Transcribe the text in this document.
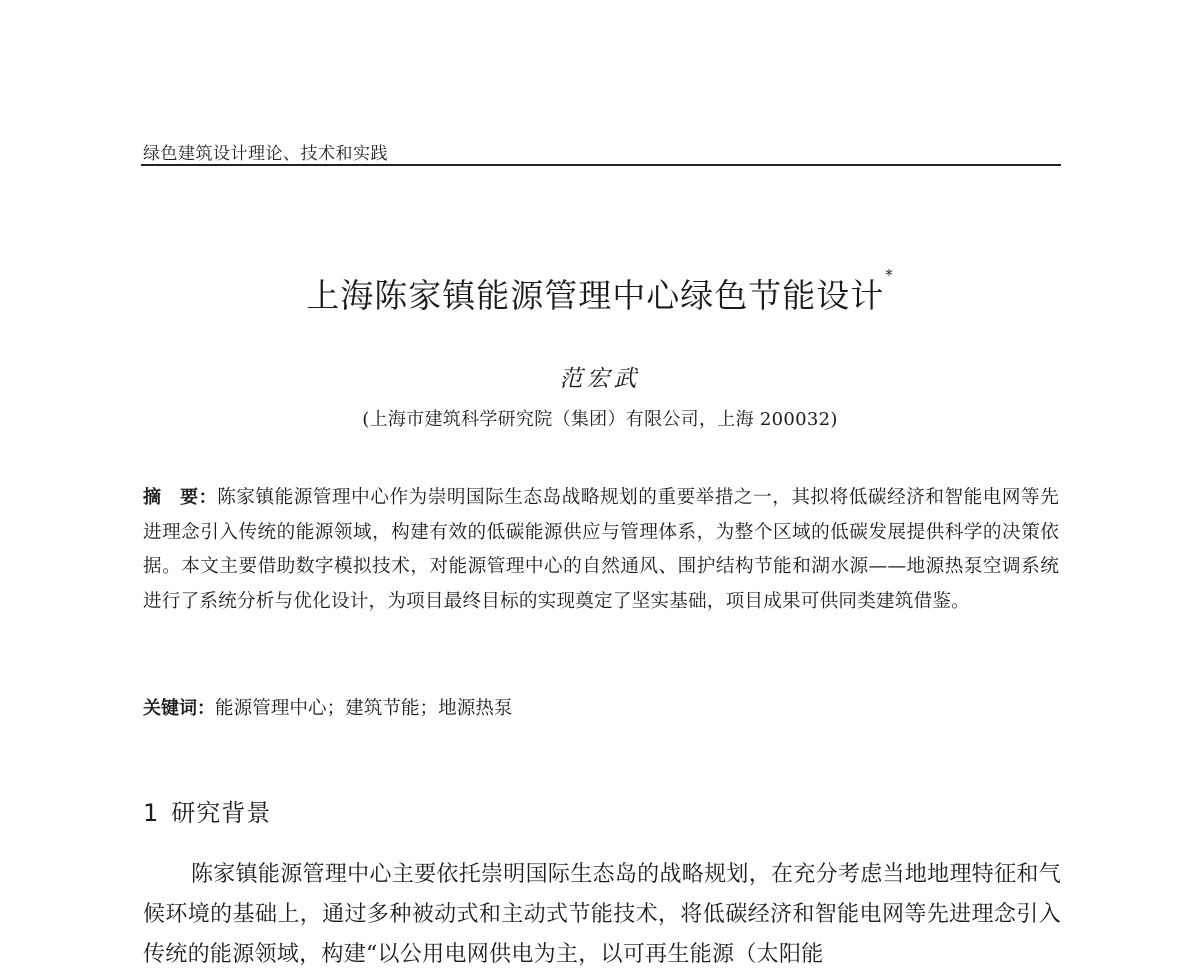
绿色建筑设计理论、技术和实践
上海陈家镇能源管理中心绿色节能设计*
范宏武
(上海市建筑科学研究院（集团）有限公司，上海 200032)
摘　要：陈家镇能源管理中心作为崇明国际生态岛战略规划的重要举措之一，其拟将低碳经济和智能电网等先进理念引入传统的能源领域，构建有效的低碳能源供应与管理体系，为整个区域的低碳发展提供科学的决策依据。本文主要借助数字模拟技术，对能源管理中心的自然通风、围护结构节能和湖水源——地源热泵空调系统进行了系统分析与优化设计，为项目最终目标的实现奠定了坚实基础，项目成果可供同类建筑借鉴。
关键词：能源管理中心；建筑节能；地源热泵
1 研究背景
陈家镇能源管理中心主要依托崇明国际生态岛的战略规划，在充分考虑当地地理特征和气候环境的基础上，通过多种被动式和主动式节能技术，将低碳经济和智能电网等先进理念引入传统的能源领域，构建“以公用电网供电为主，以可再生能源（太阳能
